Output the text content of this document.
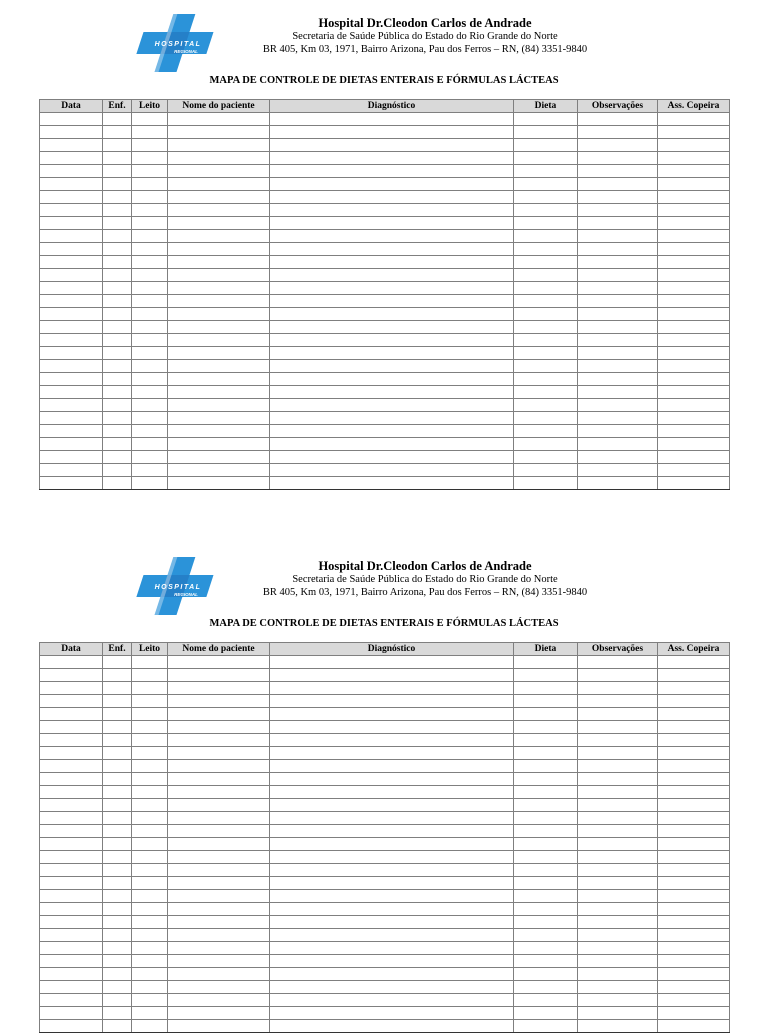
HOSPITAL
REGIONAL
Hospital Dr.Cleodon Carlos de Andrade
Secretaria de Saúde Pública do Estado do Rio Grande do Norte
BR 405, Km 03, 1971, Bairro Arizona, Pau dos Ferros – RN, (84) 3351-9840
MAPA DE CONTROLE DE DIETAS ENTERAIS E FÓRMULAS LÁCTEAS
Data	Enf.	Leito	Nome do paciente	Diagnóstico	Dieta	Observações	Ass. Copeira

HOSPITAL
REGIONAL
Hospital Dr.Cleodon Carlos de Andrade
Secretaria de Saúde Pública do Estado do Rio Grande do Norte
BR 405, Km 03, 1971, Bairro Arizona, Pau dos Ferros – RN, (84) 3351-9840
MAPA DE CONTROLE DE DIETAS ENTERAIS E FÓRMULAS LÁCTEAS
Data	Enf.	Leito	Nome do paciente	Diagnóstico	Dieta	Observações	Ass. Copeira
